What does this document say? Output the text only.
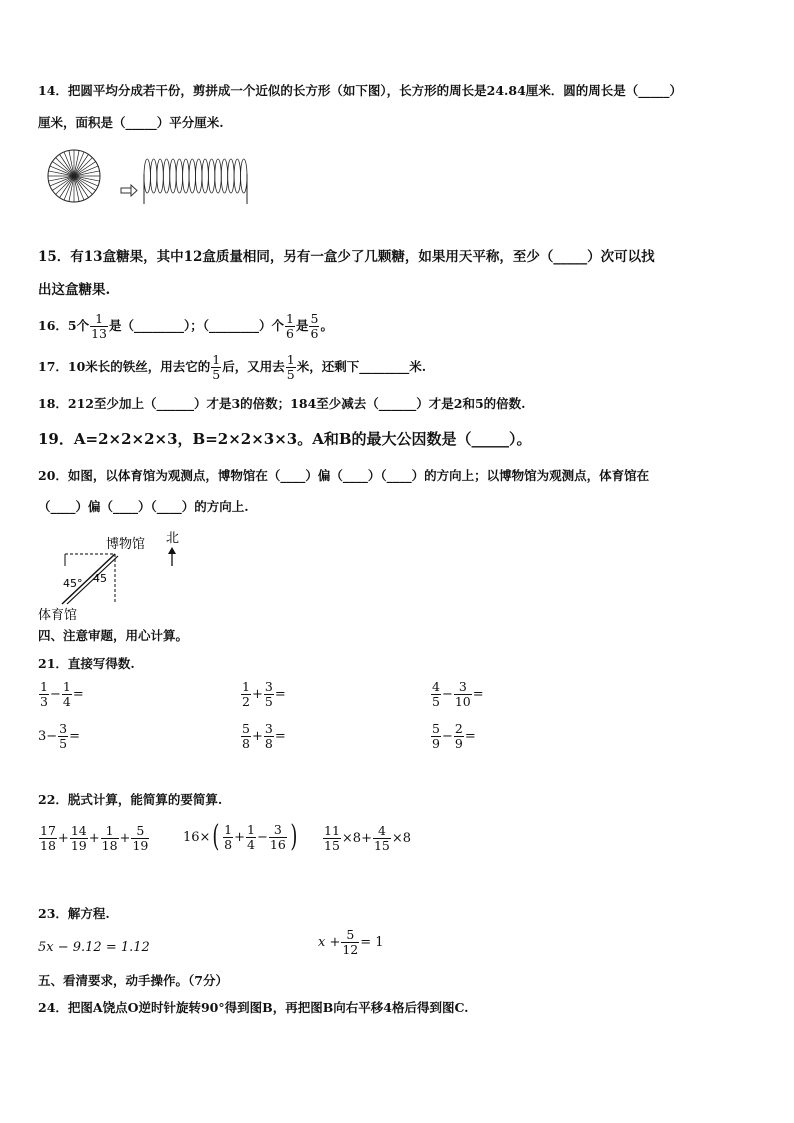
14．把圆平均分成若干份，剪拼成一个近似的长方形（如下图），长方形的周长是24.84厘米．圆的周长是（_____）
厘米，面积是（_____）平分厘米.
15．有13盒糖果，其中12盒质量相同，另有一盒少了几颗糖，如果用天平称，至少（_____）次可以找
出这盒糖果.
16．5个 $\frac{1}{13}$ 是（________）；（________）个 $\frac{1}{6}$ 是 $\frac{5}{6}$ 。
17．10米长的铁丝，用去它的 $\frac{1}{5}$ 后，又用去 $\frac{1}{5}$ 米，还剩下________米.
18．212至少加上（______）才是3的倍数；184至少减去（______）才是2和5的倍数.
19．A=2×2×2×3，B=2×2×3×3。A和B的最大公因数是（_____）。
20．如图，以体育馆为观测点，博物馆在（____）偏（____）（____）的方向上；以博物馆为观测点，体育馆在
（____）偏（____）（____）的方向上.
博物馆
45° 45
北
体育馆
四、注意审题，用心计算。
21．直接写得数.
$\frac{1}{3} - \frac{1}{4}$ =	$\frac{1}{2} + \frac{3}{5}$ =	$\frac{4}{5} - \frac{3}{10}$ =
$3- \frac{3}{5}$ =	$\frac{5}{8} + \frac{3}{8}$ =	$\frac{5}{9} - \frac{2}{9}$ =
22．脱式计算，能简算的要简算.
$\frac{17}{18} + \frac{14}{19} + \frac{1}{18} + \frac{5}{19}$	16× ( $\frac{1}{8} + \frac{1}{4} - \frac{3}{16}$ ) $\frac{11}{15} \times 8+ \frac{4}{15} \times 8$
23．解方程.
5x − 9.12 = 1.12	$x + \frac{5}{12} = 1$
五、看清要求，动手操作。（7分）
24．把图A饶点O逆时针旋转90°得到图B，再把图B向右平移4格后得到图C.
